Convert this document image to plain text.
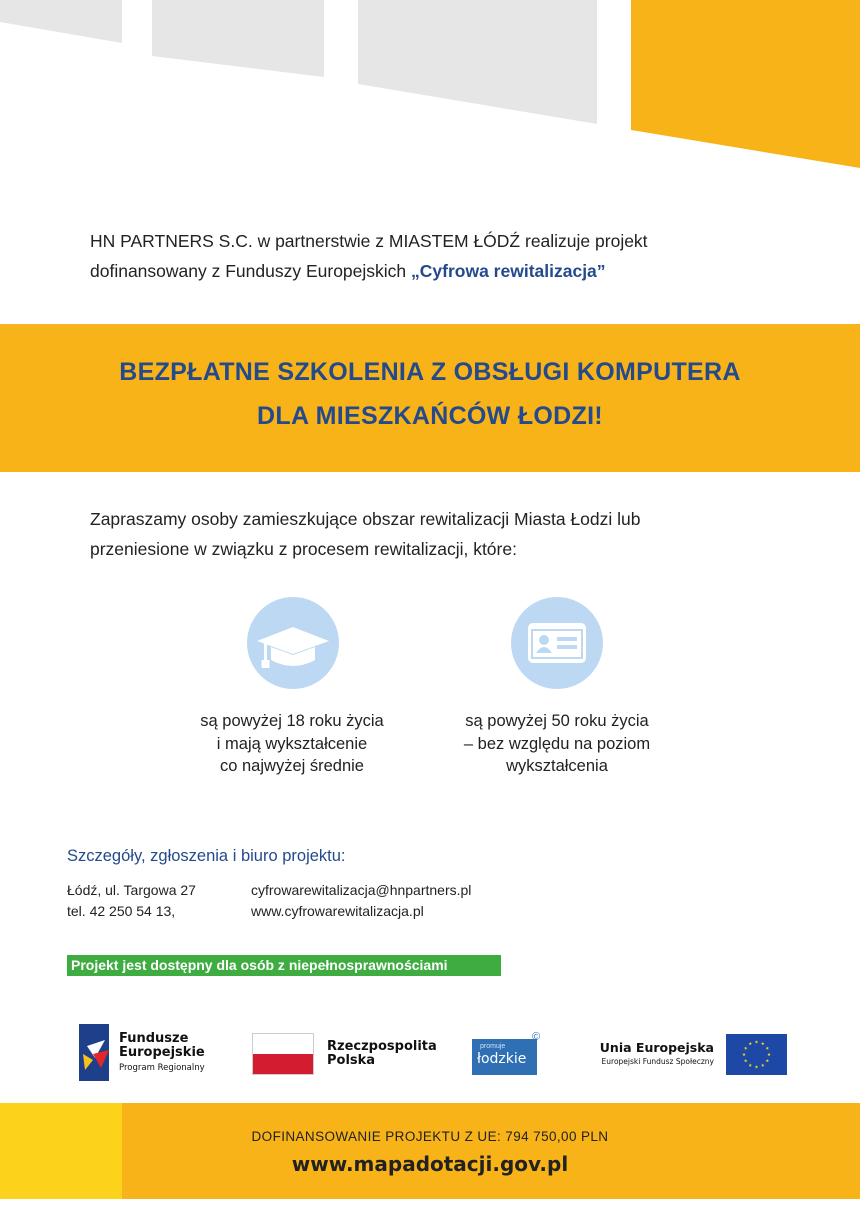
HN PARTNERS S.C. w partnerstwie z MIASTEM ŁÓDŹ realizuje projekt
dofinansowany z Funduszy Europejskich „Cyfrowa rewitalizacja”
BEZPŁATNE SZKOLENIA Z OBSŁUGI KOMPUTERA
DLA MIESZKAŃCÓW ŁODZI!
Zapraszamy osoby zamieszkujące obszar rewitalizacji Miasta Łodzi lub
przeniesione w związku z procesem rewitalizacji, które:
są powyżej 18 roku życia
i mają wykształcenie
co najwyżej średnie
są powyżej 50 roku życia
– bez względu na poziom
wykształcenia
Szczegóły, zgłoszenia i biuro projektu:
Łódź, ul. Targowa 27
tel. 42 250 54 13,
cyfrowarewitalizacja@hnpartners.pl
www.cyfrowarewitalizacja.pl
Projekt jest dostępny dla osób z niepełnosprawnościami
Fundusze
Europejskie
Program Regionalny
Rzeczpospolita
Polska
promuje
łodzkie
©
Unia Europejska
Europejski Fundusz Społeczny
DOFINANSOWANIE PROJEKTU Z UE: 794 750,00 PLN
www.mapadotacji.gov.pl
